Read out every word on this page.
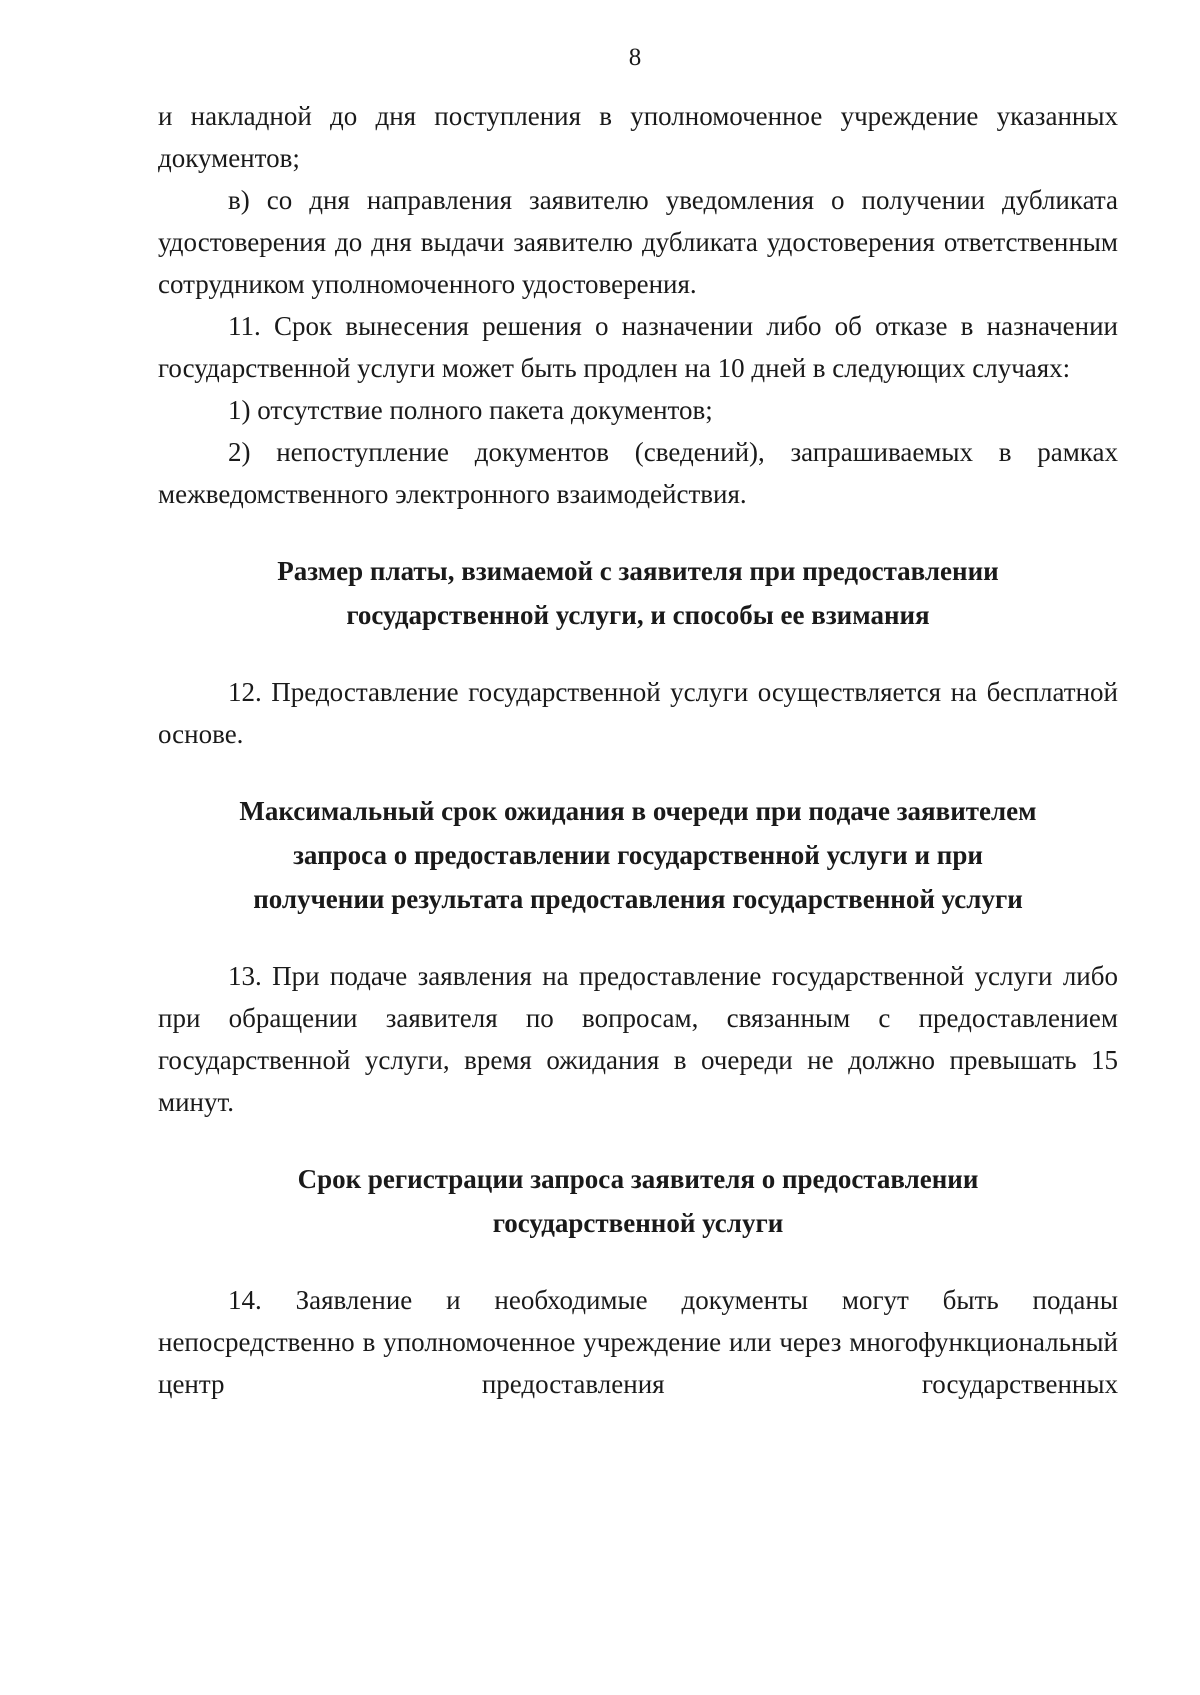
8

и накладной до дня поступления в уполномоченное учреждение указанных документов;

в) со дня направления заявителю уведомления о получении дубликата удостоверения до дня выдачи заявителю дубликата удостоверения ответственным сотрудником уполномоченного удостоверения.

11. Срок вынесения решения о назначении либо об отказе в назначении государственной услуги может быть продлен на 10 дней в следующих случаях:

1) отсутствие полного пакета документов;

2) непоступление документов (сведений), запрашиваемых в рамках межведомственного электронного взаимодействия.

Размер платы, взимаемой с заявителя при предоставлении

государственной услуги, и способы ее взимания

12. Предоставление государственной услуги осуществляется на бесплатной основе.

Максимальный срок ожидания в очереди при подаче заявителем

запроса о предоставлении государственной услуги и при

получении результата предоставления государственной услуги

13. При подаче заявления на предоставление государственной услуги либо при обращении заявителя по вопросам, связанным с предоставлением государственной услуги, время ожидания в очереди не должно превышать 15 минут.

Срок регистрации запроса заявителя о предоставлении

государственной услуги

14. Заявление и необходимые документы могут быть поданы непосредственно в уполномоченное учреждение или через многофункциональный центр предоставления государственных
